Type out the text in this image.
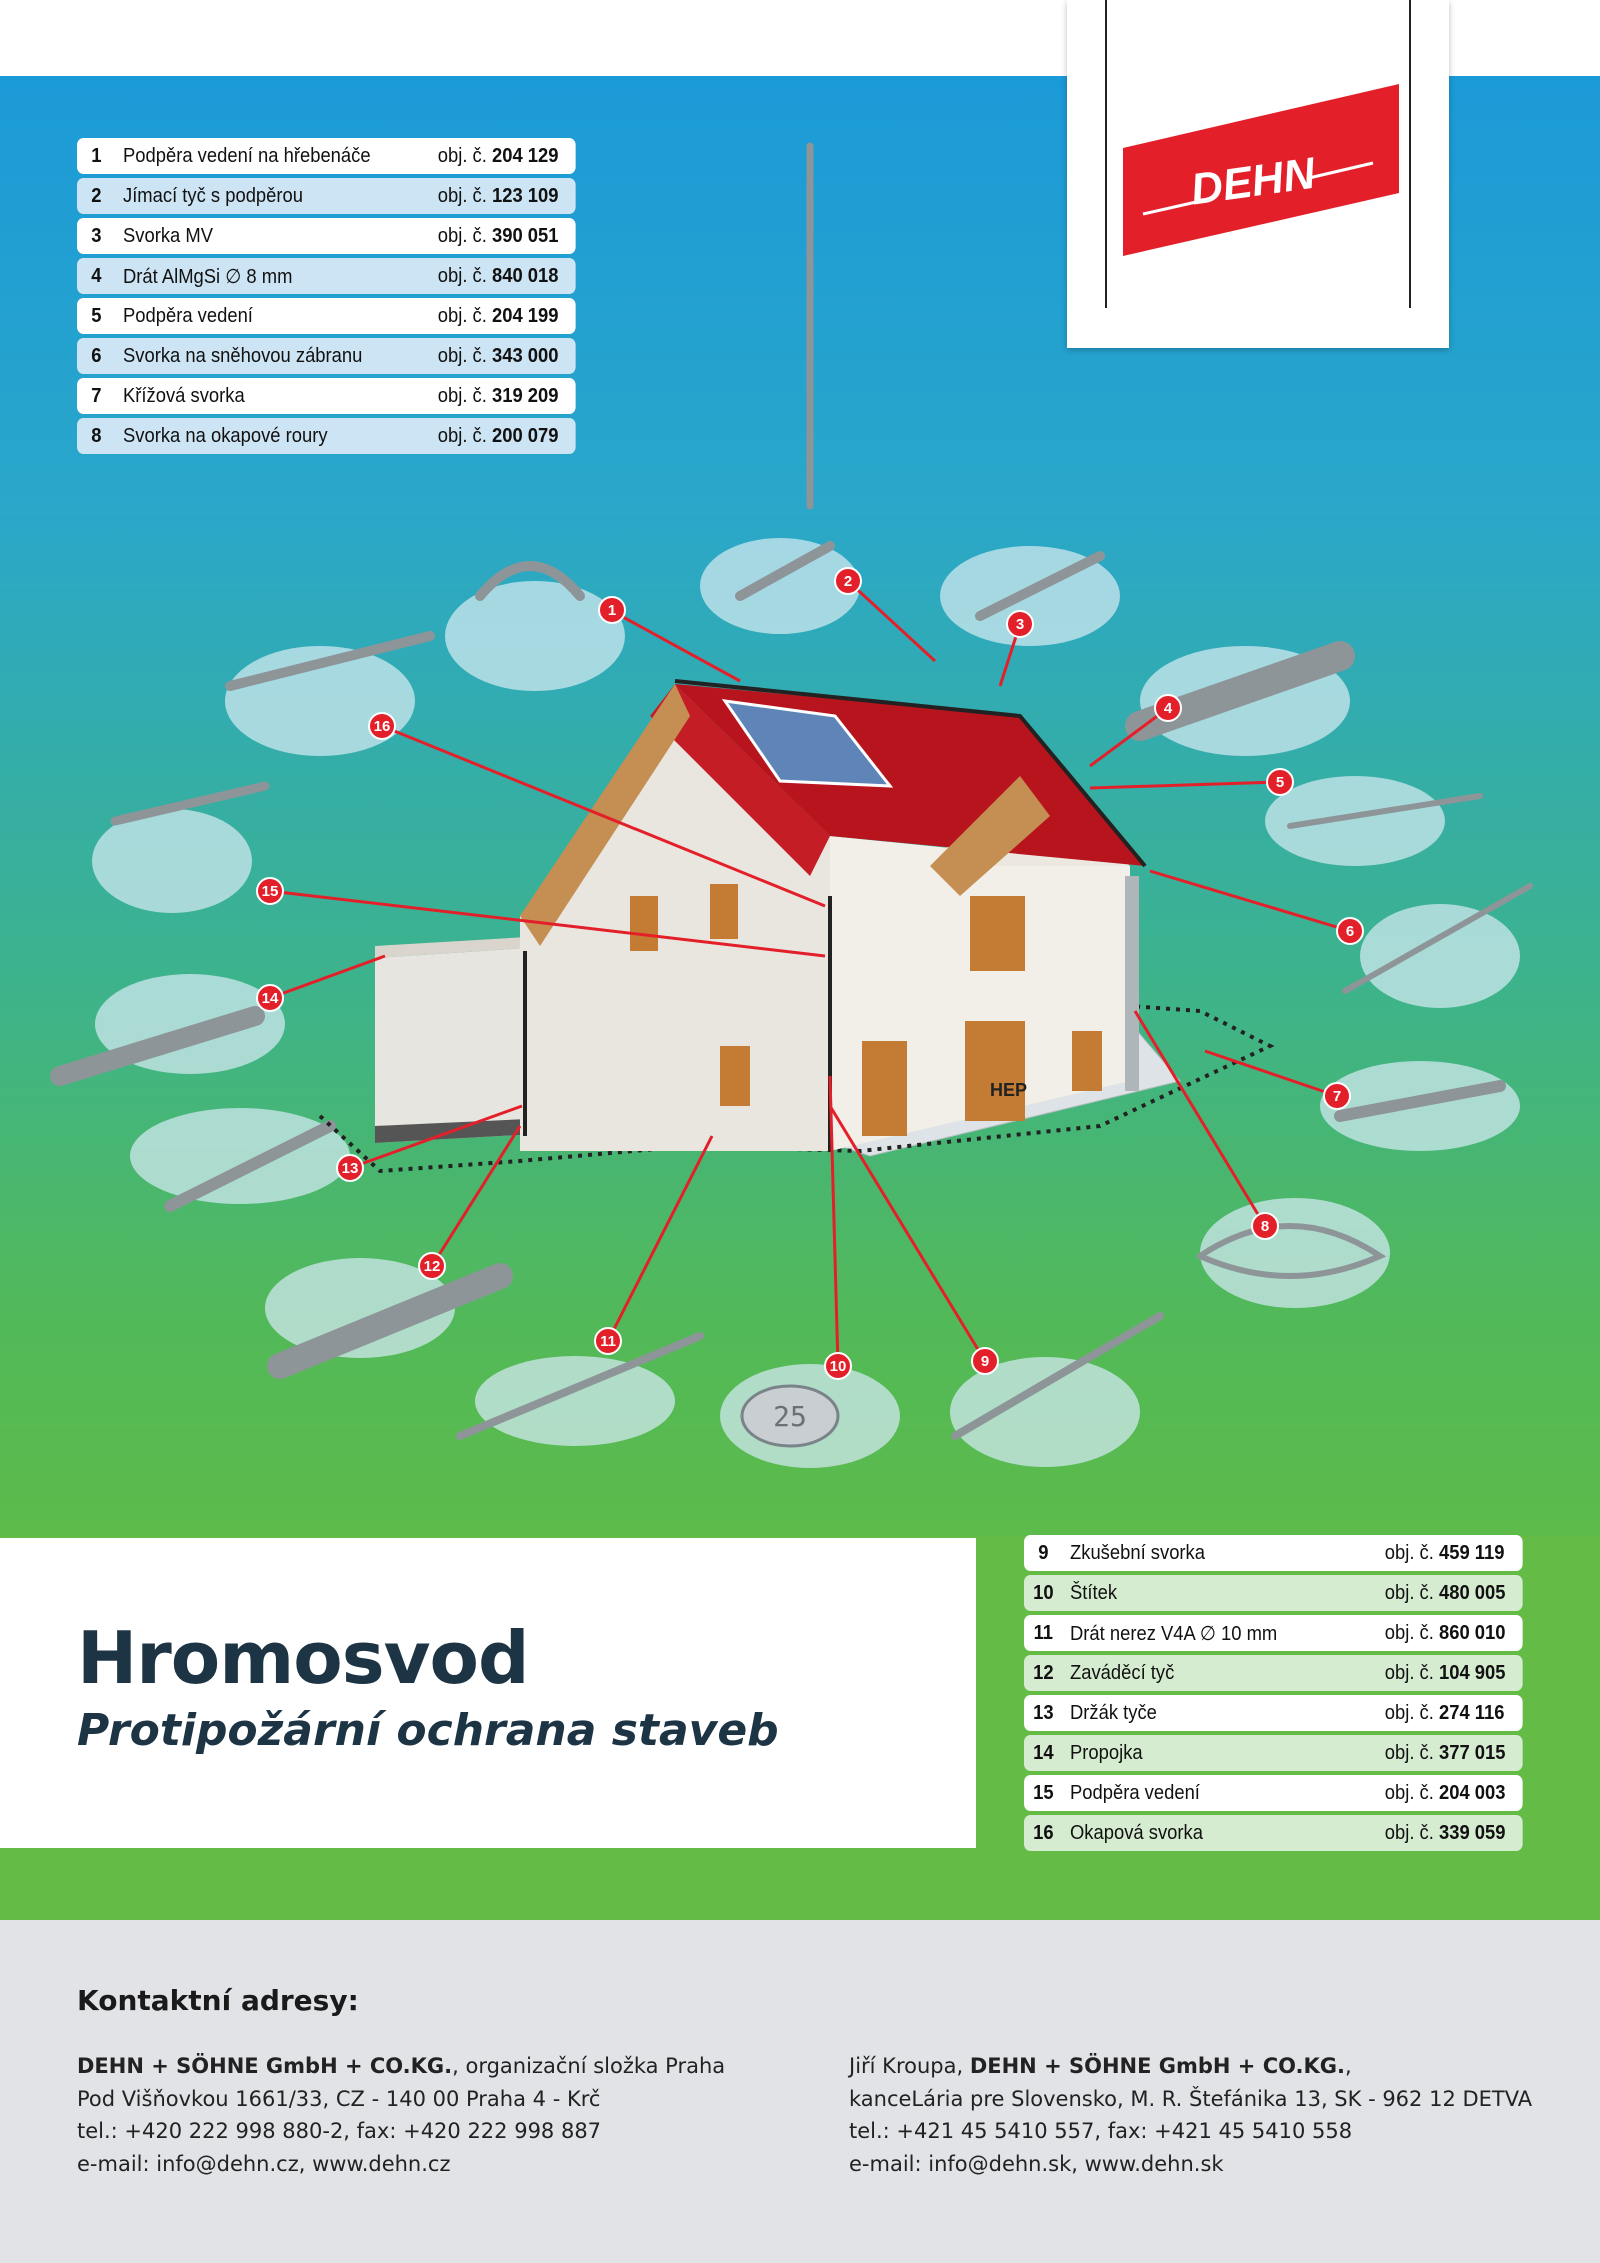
DEHN
1	Podpěra vedení na hřebenáče	obj. č. 204 129
2	Jímací tyč s podpěrou	obj. č. 123 109
3	Svorka MV	obj. č. 390 051
4	Drát AlMgSi ∅ 8 mm	obj. č. 840 018
5	Podpěra vedení	obj. č. 204 199
6	Svorka na sněhovou zábranu	obj. č. 343 000
7	Křížová svorka	obj. č. 319 209
8	Svorka na okapové roury	obj. č. 200 079
25
HEP
1
2
3
4
5
6
7
8
9
10
11
12
13
14
15
16
Hromosvod
Protipožární ochrana staveb
9	Zkušební svorka	obj. č. 459 119
10 Štítek	obj. č. 480 005
11 Drát nerez V4A ∅ 10 mm	obj. č. 860 010
12 Zaváděcí tyč	obj. č. 104 905
13 Držák tyče	obj. č. 274 116
14 Propojka	obj. č. 377 015
15 Podpěra vedení	obj. č. 204 003
16 Okapová svorka	obj. č. 339 059
Kontaktní adresy:
DEHN + SÖHNE GmbH + CO.KG., organizační složka Praha
Pod Višňovkou 1661/33, CZ - 140 00 Praha 4 - Krč
tel.: +420 222 998 880-2, fax: +420 222 998 887
e-mail: info@dehn.cz, www.dehn.cz
Jiří Kroupa, DEHN + SÖHNE GmbH + CO.KG.,
kanceLária pre Slovensko, M. R. Štefánika 13, SK - 962 12 DETVA
tel.: +421 45 5410 557, fax: +421 45 5410 558
e-mail: info@dehn.sk, www.dehn.sk
